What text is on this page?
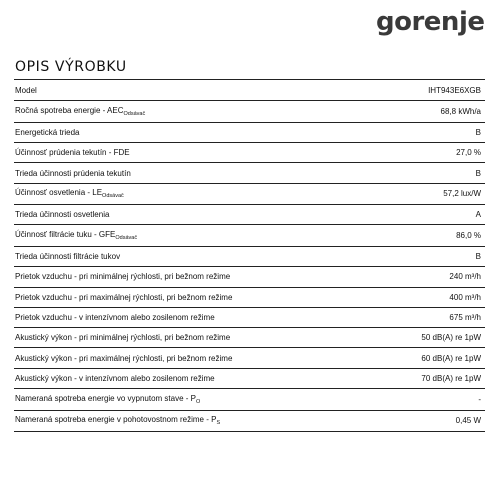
gorenje
OPIS VÝROBKU
Model	IHT943E6XGB
Ročná spotreba energie - $AEC_{Odsávač}$	68,8 kWh/a
Energetická trieda	B
Účinnosť prúdenia tekutín - FDE	27,0 %
Trieda účinnosti prúdenia tekutín	B
Účinnosť osvetlenia - $LE_{Odsávač}$	57,2 lux/W
Trieda účinnosti osvetlenia	A
Účinnosť filtrácie tuku - $GFE_{Odsávač}$	86,0 %
Trieda účinnosti filtrácie tukov	B
Prietok vzduchu - pri minimálnej rýchlosti, pri bežnom režime	240 m³/h
Prietok vzduchu - pri maximálnej rýchlosti, pri bežnom režime	400 m³/h
Prietok vzduchu - v intenzívnom alebo zosilenom režime	675 m³/h
Akustický výkon - pri minimálnej rýchlosti, pri bežnom režime	50 dB(A) re 1pW
Akustický výkon - pri maximálnej rýchlosti, pri bežnom režime	60 dB(A) re 1pW
Akustický výkon - v intenzívnom alebo zosilenom režime	70 dB(A) re 1pW
Nameraná spotreba energie vo vypnutom stave - $P_O$	-
Nameraná spotreba energie v pohotovostnom režime - $P_S$	0,45 W
